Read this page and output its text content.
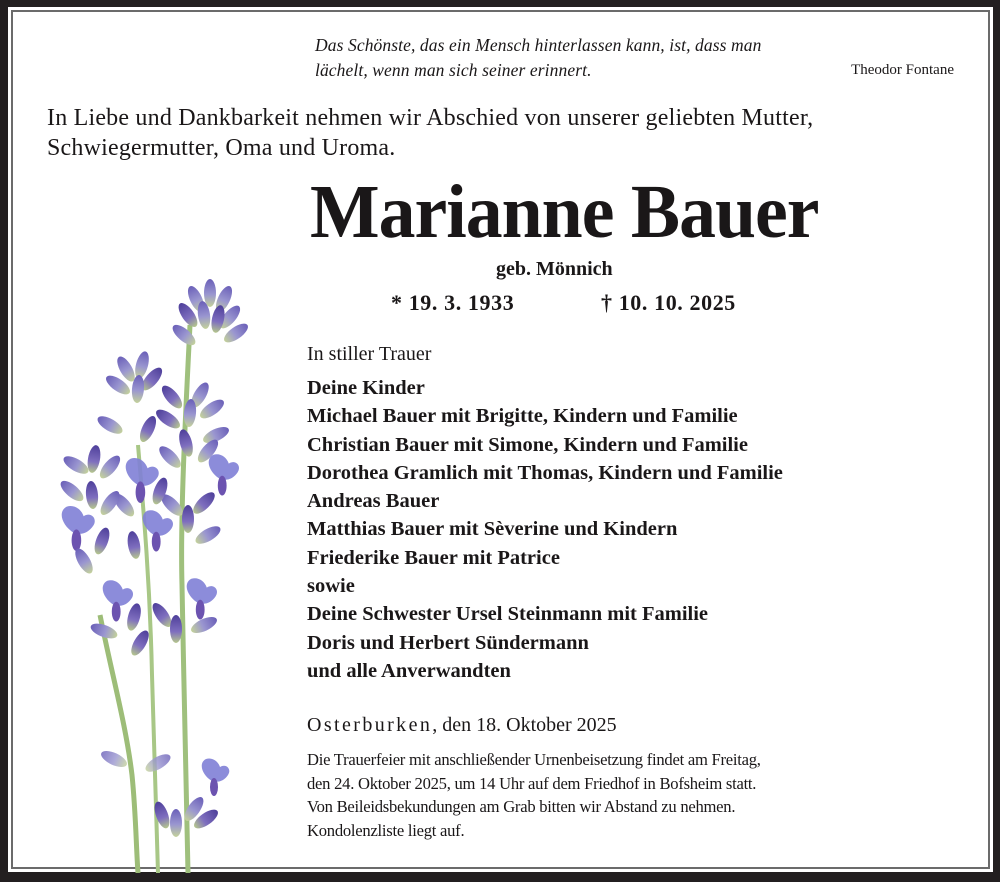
Das Schönste, das ein Mensch hinterlassen kann, ist, dass man
lächelt, wenn man sich seiner erinnert.	Theodor Fontane
In Liebe und Dankbarkeit nehmen wir Abschied von unserer geliebten Mutter,
Schwiegermutter, Oma und Uroma.
Marianne Bauer
geb. Mönnich
* 19. 3. 1933	† 10. 10. 2025
In stiller Trauer
Deine Kinder
Michael Bauer mit Brigitte, Kindern und Familie
Christian Bauer mit Simone, Kindern und Familie
Dorothea Gramlich mit Thomas, Kindern und Familie
Andreas Bauer
Matthias Bauer mit Sèverine und Kindern
Friederike Bauer mit Patrice
sowie
Deine Schwester Ursel Steinmann mit Familie
Doris und Herbert Sündermann
und alle Anverwandten
Osterburken, den 18. Oktober 2025
Die Trauerfeier mit anschließender Urnenbeisetzung findet am Freitag,
den 24. Oktober 2025, um 14 Uhr auf dem Friedhof in Bofsheim statt.
Von Beileidsbekundungen am Grab bitten wir Abstand zu nehmen.
Kondolenzliste liegt auf.
